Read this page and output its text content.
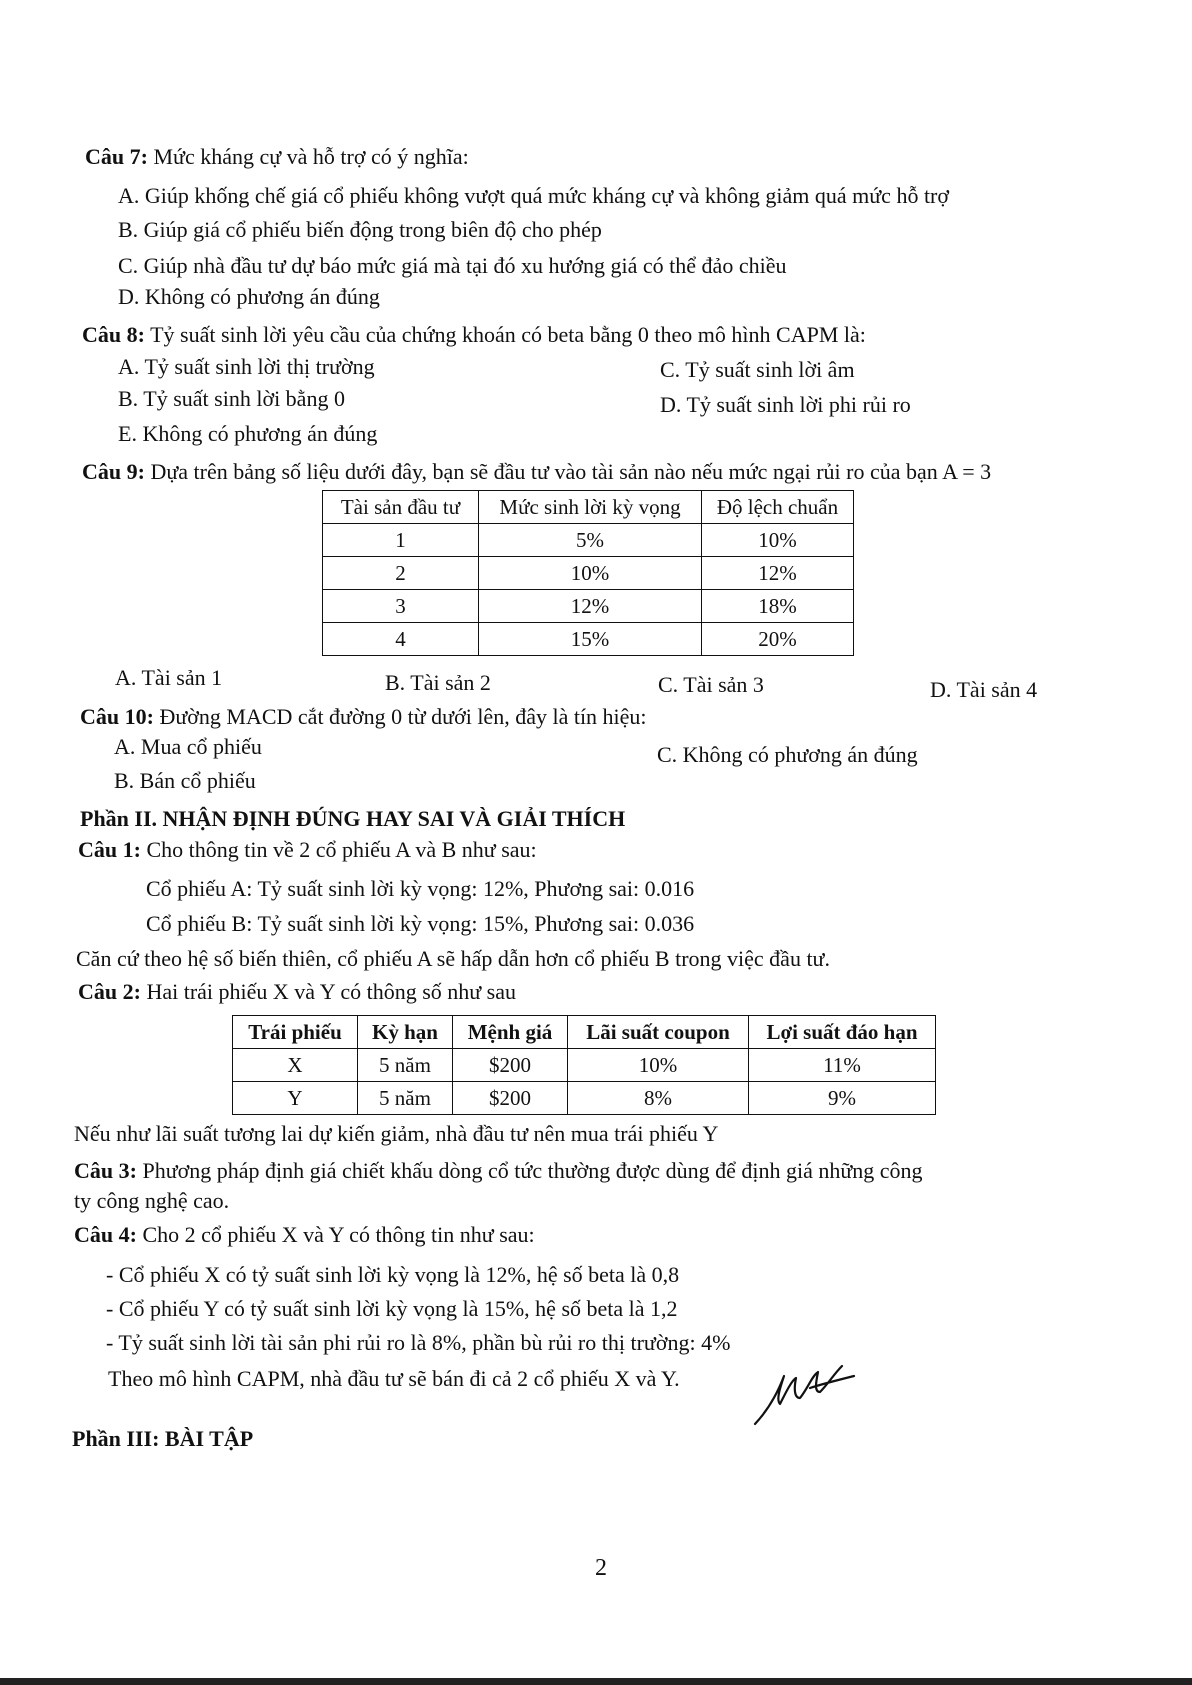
Câu 7: Mức kháng cự và hỗ trợ có ý nghĩa:
A. Giúp khống chế giá cổ phiếu không vượt quá mức kháng cự và không giảm quá mức hỗ trợ
B. Giúp giá cổ phiếu biến động trong biên độ cho phép
C. Giúp nhà đầu tư dự báo mức giá mà tại đó xu hướng giá có thể đảo chiều
D. Không có phương án đúng
Câu 8: Tỷ suất sinh lời yêu cầu của chứng khoán có beta bằng 0 theo mô hình CAPM là:
A. Tỷ suất sinh lời thị trường	C. Tỷ suất sinh lời âm
B. Tỷ suất sinh lời bằng 0	D. Tỷ suất sinh lời phi rủi ro
E. Không có phương án đúng
Câu 9: Dựa trên bảng số liệu dưới đây, bạn sẽ đầu tư vào tài sản nào nếu mức ngại rủi ro của bạn A = 3
Tài sản đầu tư	Mức sinh lời kỳ vọng	Độ lệch chuẩn
1	5%	10%
2	10%	12%
3	12%	18%
4	15%	20%
A. Tài sản 1	B. Tài sản 2	C. Tài sản 3	D. Tài sản 4
Câu 10: Đường MACD cắt đường 0 từ dưới lên, đây là tín hiệu:
A. Mua cổ phiếu	C. Không có phương án đúng
B. Bán cổ phiếu
Phần II. NHẬN ĐỊNH ĐÚNG HAY SAI VÀ GIẢI THÍCH
Câu 1: Cho thông tin về 2 cổ phiếu A và B như sau:
Cổ phiếu A: Tỷ suất sinh lời kỳ vọng: 12%, Phương sai: 0.016
Cổ phiếu B: Tỷ suất sinh lời kỳ vọng: 15%, Phương sai: 0.036
Căn cứ theo hệ số biến thiên, cổ phiếu A sẽ hấp dẫn hơn cổ phiếu B trong việc đầu tư.
Câu 2: Hai trái phiếu X và Y có thông số như sau
Trái phiếu	Kỳ hạn	Mệnh giá	Lãi suất coupon	Lợi suất đáo hạn
X	5 năm	$200	10%	11%
Y	5 năm	$200	8%	9%
Nếu như lãi suất tương lai dự kiến giảm, nhà đầu tư nên mua trái phiếu Y
Câu 3: Phương pháp định giá chiết khấu dòng cổ tức thường được dùng để định giá những công
ty công nghệ cao.
Câu 4: Cho 2 cổ phiếu X và Y có thông tin như sau:
- Cổ phiếu X có tỷ suất sinh lời kỳ vọng là 12%, hệ số beta là 0,8
- Cổ phiếu Y có tỷ suất sinh lời kỳ vọng là 15%, hệ số beta là 1,2
- Tỷ suất sinh lời tài sản phi rủi ro là 8%, phần bù rủi ro thị trường: 4%
Theo mô hình CAPM, nhà đầu tư sẽ bán đi cả 2 cổ phiếu X và Y.
Phần III: BÀI TẬP
2
